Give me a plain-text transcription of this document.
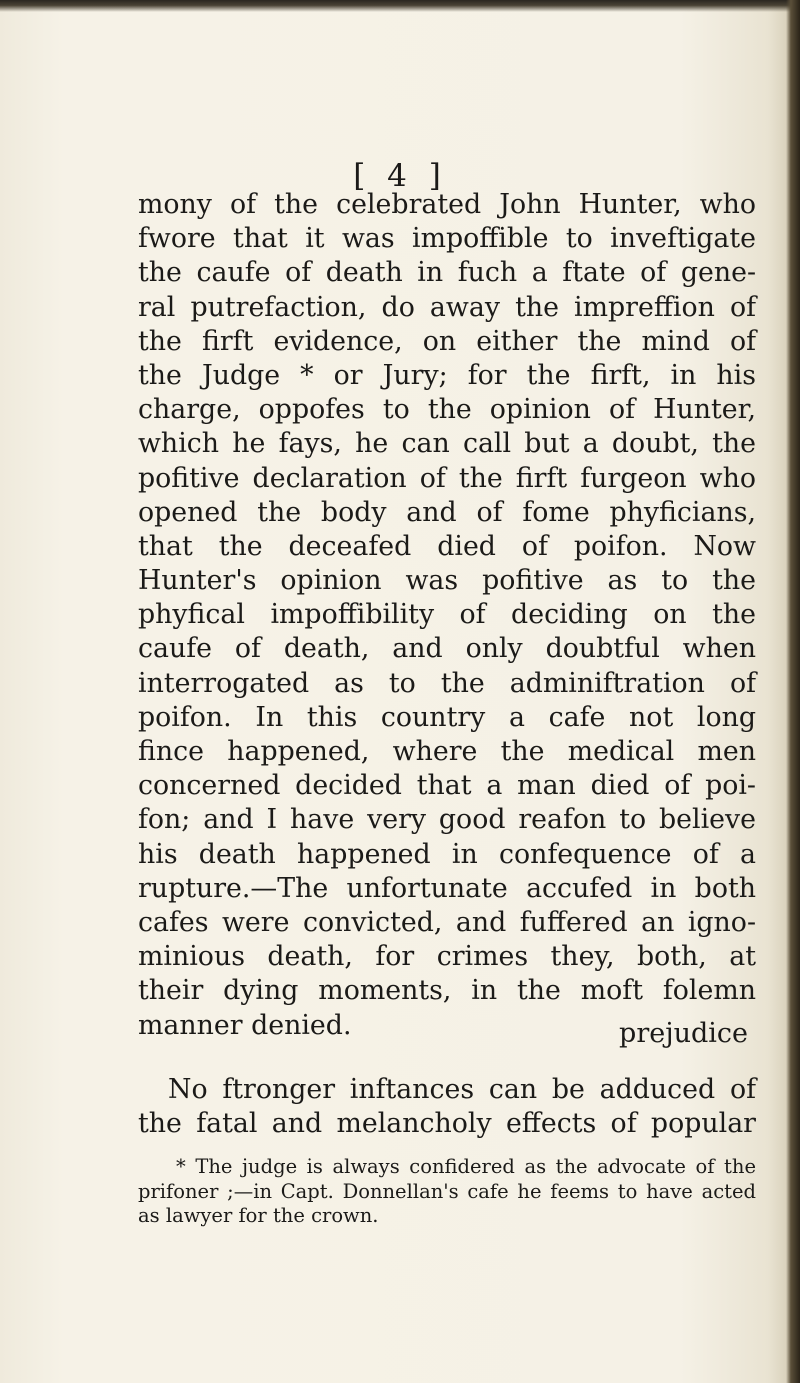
[ 4 ]
mony of the celebrated John Hunter, who
fwore that it was impoffible to inveftigate
the caufe of death in fuch a ftate of gene-
ral putrefaction, do away the impreffion of
the firft evidence, on either the mind of
the Judge * or Jury; for the firft, in his
charge, oppofes to the opinion of Hunter,
which he fays, he can call but a doubt, the
pofitive declaration of the firft furgeon who
opened the body and of fome phyficians,
that the deceafed died of poifon. Now
Hunter's opinion was pofitive as to the
phyfical impoffibility of deciding on the
caufe of death, and only doubtful when
interrogated as to the adminiftration of
poifon. In this country a cafe not long
fince happened, where the medical men
concerned decided that a man died of poi-
fon; and I have very good reafon to believe
his death happened in confequence of a
rupture.—The unfortunate accufed in both
cafes were convicted, and fuffered an igno-
minious death, for crimes they, both, at
their dying moments, in the moft folemn
manner denied.
No ftronger inftances can be adduced of
the fatal and melancholy effects of popular
* The judge is always confidered as the advocate of the
prifoner ;—in Capt. Donnellan's cafe he feems to have acted
as lawyer for the crown.
prejudice
